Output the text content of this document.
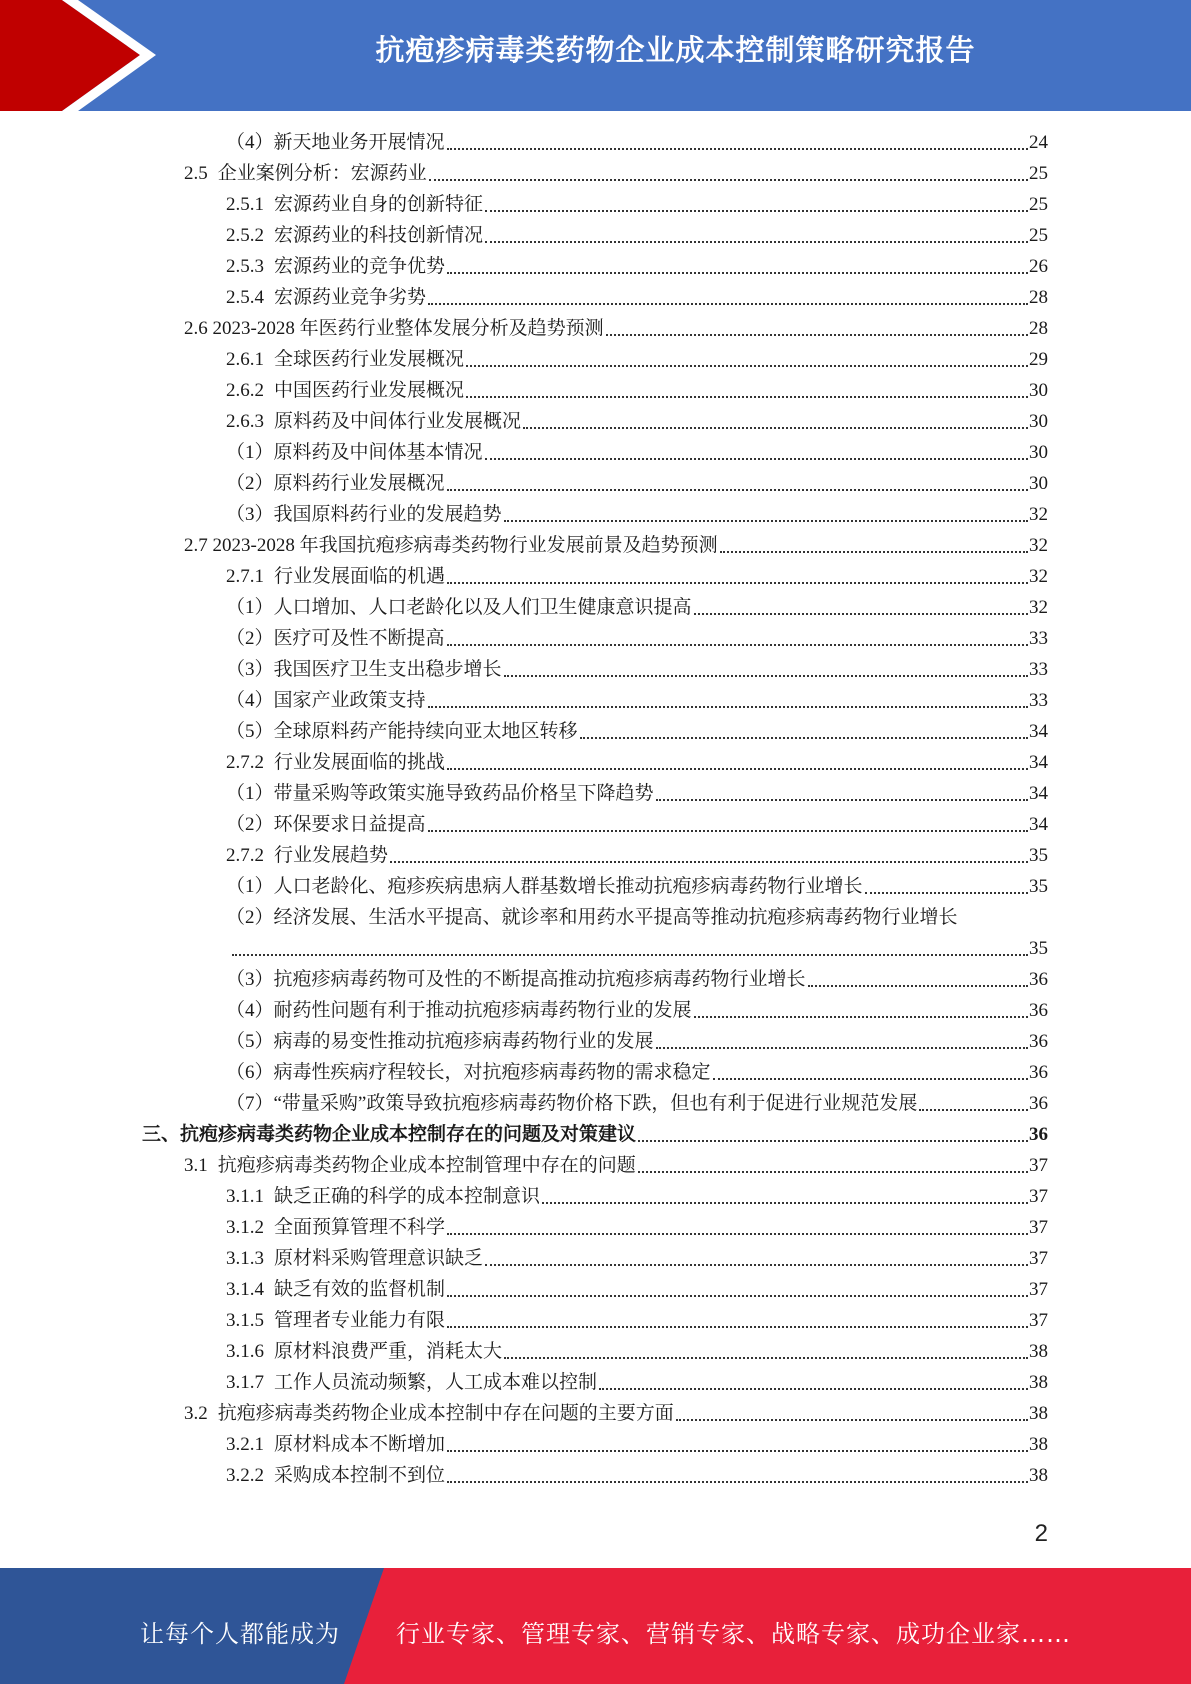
抗疱疹病毒类药物企业成本控制策略研究报告
（4）新天地业务开展情况	24
2.5 企业案例分析：宏源药业	25
2.5.1 宏源药业自身的创新特征	25
2.5.2 宏源药业的科技创新情况	25
2.5.3 宏源药业的竞争优势	26
2.5.4 宏源药业竞争劣势	28
2.6 2023-2028 年医药行业整体发展分析及趋势预测	28
2.6.1 全球医药行业发展概况	29
2.6.2 中国医药行业发展概况	30
2.6.3 原料药及中间体行业发展概况	30
（1）原料药及中间体基本情况	30
（2）原料药行业发展概况	30
（3）我国原料药行业的发展趋势	32
2.7 2023-2028 年我国抗疱疹病毒类药物行业发展前景及趋势预测	32
2.7.1 行业发展面临的机遇	32
（1）人口增加、人口老龄化以及人们卫生健康意识提高	32
（2）医疗可及性不断提高	33
（3）我国医疗卫生支出稳步增长	33
（4）国家产业政策支持	33
（5）全球原料药产能持续向亚太地区转移	34
2.7.2 行业发展面临的挑战	34
（1）带量采购等政策实施导致药品价格呈下降趋势	34
（2）环保要求日益提高	34
2.7.2 行业发展趋势	35
（1）人口老龄化、疱疹疾病患病人群基数增长推动抗疱疹病毒药物行业增长	35
（2）经济发展、生活水平提高、就诊率和用药水平提高等推动抗疱疹病毒药物行业增长
35
（3）抗疱疹病毒药物可及性的不断提高推动抗疱疹病毒药物行业增长	36
（4）耐药性问题有利于推动抗疱疹病毒药物行业的发展	36
（5）病毒的易变性推动抗疱疹病毒药物行业的发展	36
（6）病毒性疾病疗程较长，对抗疱疹病毒药物的需求稳定	36
（7）“带量采购”政策导致抗疱疹病毒药物价格下跌，但也有利于促进行业规范发展	36
三、抗疱疹病毒类药物企业成本控制存在的问题及对策建议	36
3.1 抗疱疹病毒类药物企业成本控制管理中存在的问题	37
3.1.1 缺乏正确的科学的成本控制意识	37
3.1.2 全面预算管理不科学	37
3.1.3 原材料采购管理意识缺乏	37
3.1.4 缺乏有效的监督机制	37
3.1.5 管理者专业能力有限	37
3.1.6 原材料浪费严重，消耗太大	38
3.1.7 工作人员流动频繁，人工成本难以控制	38
3.2 抗疱疹病毒类药物企业成本控制中存在问题的主要方面	38
3.2.1 原材料成本不断增加	38
3.2.2 采购成本控制不到位	38
2
让每个人都能成为 行业专家、管理专家、营销专家、战略专家、成功企业家……
